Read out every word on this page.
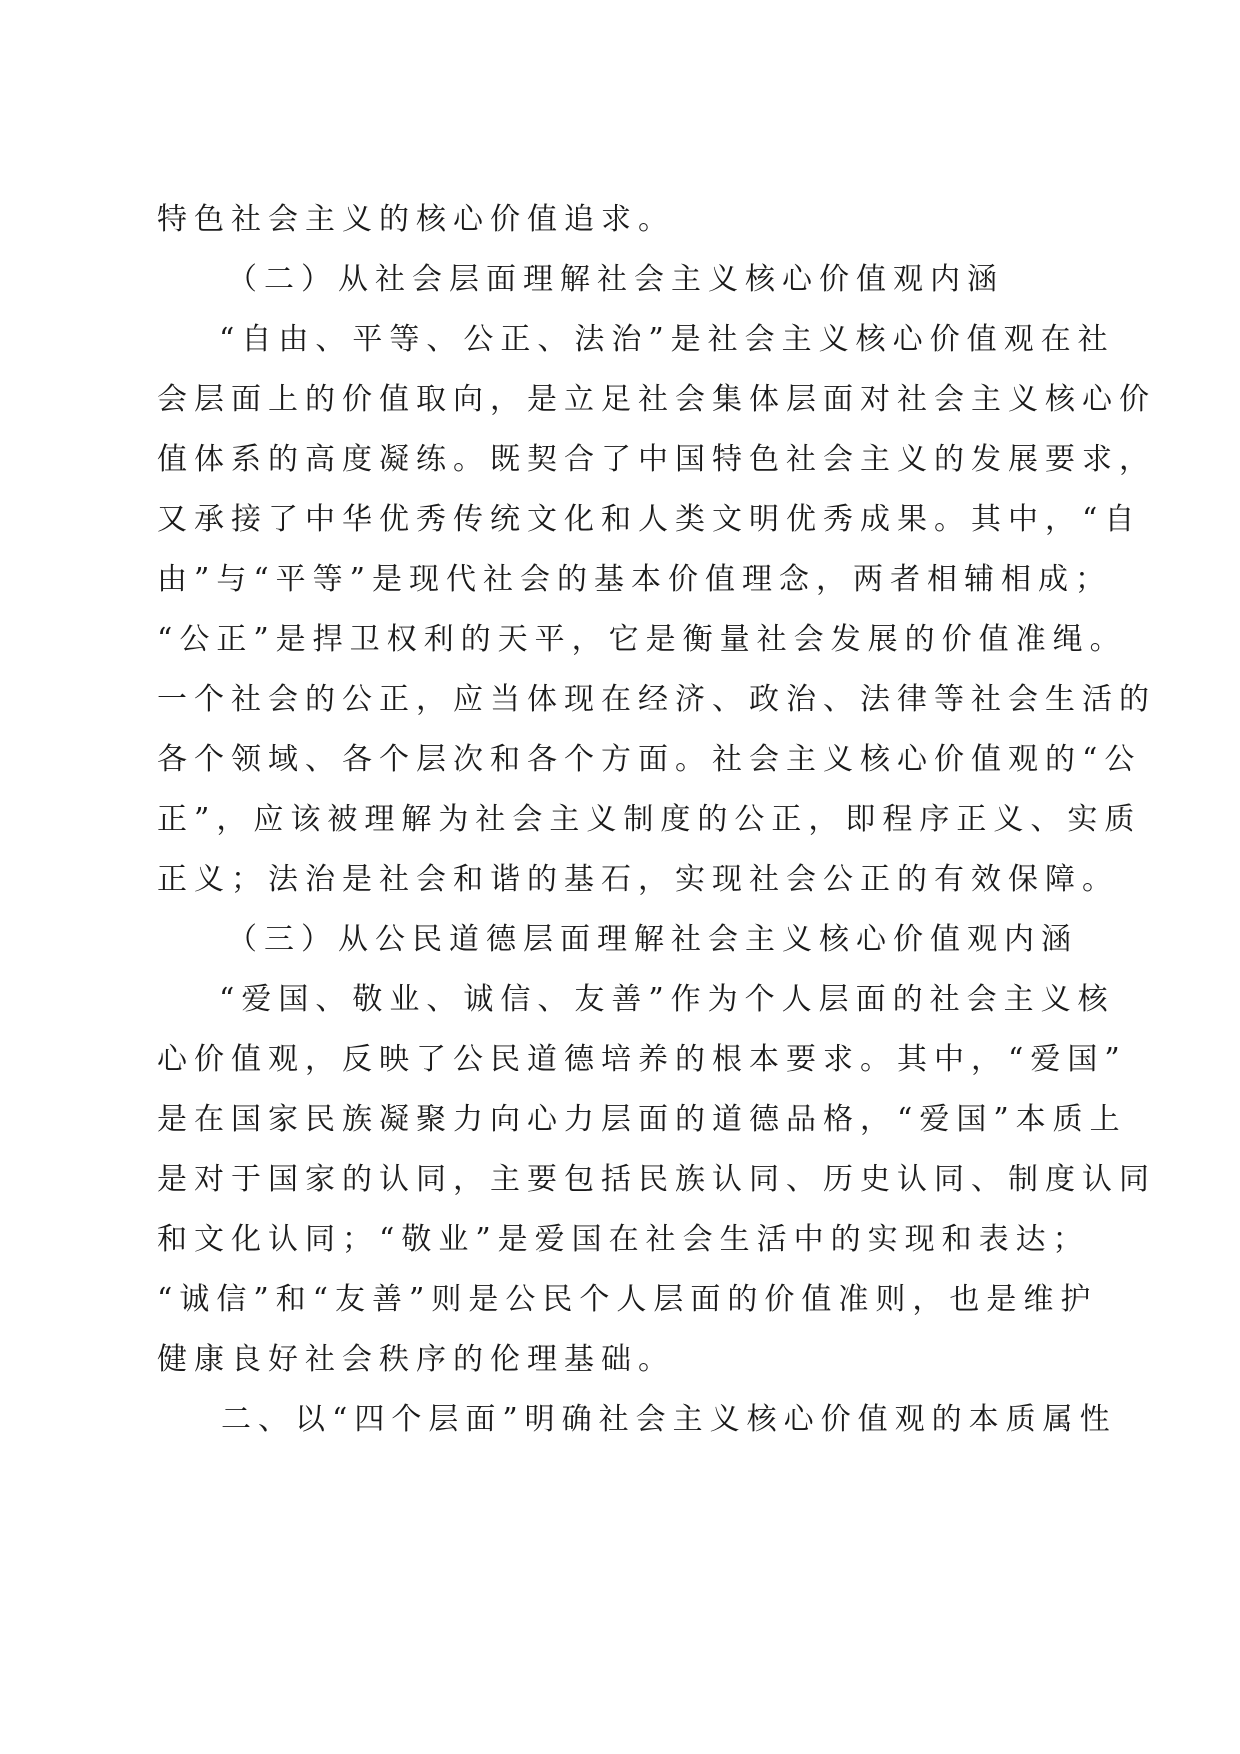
特色社会主义的核心价值追求。

（二）从社会层面理解社会主义核心价值观内涵

“自由、平等、公正、法治”是社会主义核心价值观在社

会层面上的价值取向，是立足社会集体层面对社会主义核心价

值体系的高度凝练。既契合了中国特色社会主义的发展要求，

又承接了中华优秀传统文化和人类文明优秀成果。其中，“自

由”与“平等”是现代社会的基本价值理念，两者相辅相成；

“公正”是捍卫权利的天平，它是衡量社会发展的价值准绳。

一个社会的公正，应当体现在经济、政治、法律等社会生活的

各个领域、各个层次和各个方面。社会主义核心价值观的“公

正”，应该被理解为社会主义制度的公正，即程序正义、实质

正义；法治是社会和谐的基石，实现社会公正的有效保障。

（三）从公民道德层面理解社会主义核心价值观内涵

“爱国、敬业、诚信、友善”作为个人层面的社会主义核

心价值观，反映了公民道德培养的根本要求。其中，“爱国”

是在国家民族凝聚力向心力层面的道德品格，“爱国”本质上

是对于国家的认同，主要包括民族认同、历史认同、制度认同

和文化认同；“敬业”是爱国在社会生活中的实现和表达；

“诚信”和“友善”则是公民个人层面的价值准则，也是维护

健康良好社会秩序的伦理基础。

二、以“四个层面”明确社会主义核心价值观的本质属性
